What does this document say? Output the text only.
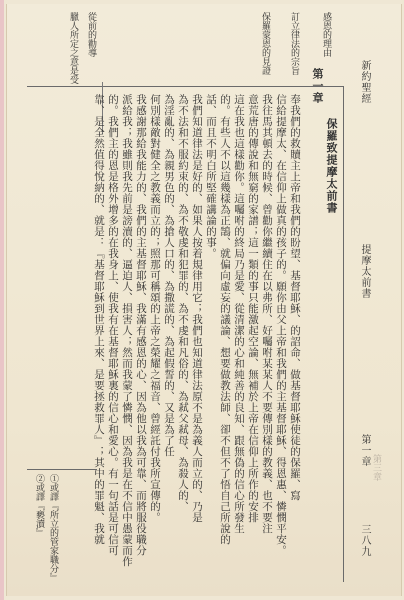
新約聖經
提摩太前書
第一章
三八九
第三章
感恩的理由
訂立律法的宗旨
保羅蒙恩的見證
從前的勸導
臘人所定之意是受
保羅致提摩太前書
第一章
奉我們的救贖主上帝和我們的盼望、基督耶穌、的詔命、做基督耶穌使徒的保羅、寫
信給提摩太、在信仰上做真的孩子的。願你由父上帝和我們的主基督耶穌、得恩惠、憐憫平安。
我往馬其頓去的時候、曾勸你繼續住在以弗所、好囑咐某某人不要傳別樣的教義、也不要注
意荒唐的傳說和無窮的家譜；這一類的事只能激起空論、無補於上帝在信仰上所作的安排
這在我也這樣勸你。這囑咐的終局乃是愛、從清潔的心和純善的良知、跟無偽的信心所發生
的。有些人不以這幾樣為正鵠、就偏向虛妄的議論、想要做教法師、卻不但不了悟自己所說的
話、而且不明白所堅確講論的事。
我們知道律法是好的、如果人按着規律用它；我們也知道律法原不是為義人而立的、乃是
為不法和不服約束的、為不敬虔和犯罪的、為不虔和凡俗的、為弒父弒母、為殺人的、
為淫亂的、為親男色的、為搶人口的、為撒謊的、為起假誓的、又是為了任
何別樣敵對健全之教義而立的；照那可稱頌的上帝之榮耀之福音、曾經託付我所宣傳的。
我感謝那給我能力的、我們的主基督耶穌、我滿有感恩的心、因為他以我為可靠、而將服役職分
派給我；我雖則我先前是謗瀆的、逼迫人、損害人；然而我蒙了憐憫、因為我是在不信中愚蒙而作
的。我們主的恩是格外增多的在我身上、使我有在基督耶穌裏的信心和愛心。有一句話是可信可
靠、是全然值得悅納的、就是：『基督耶穌到世界上來、是要拯救罪人』；其中的罪魁、我就
①或譯『所立的管家職分』
②或譯『褻瀆』
